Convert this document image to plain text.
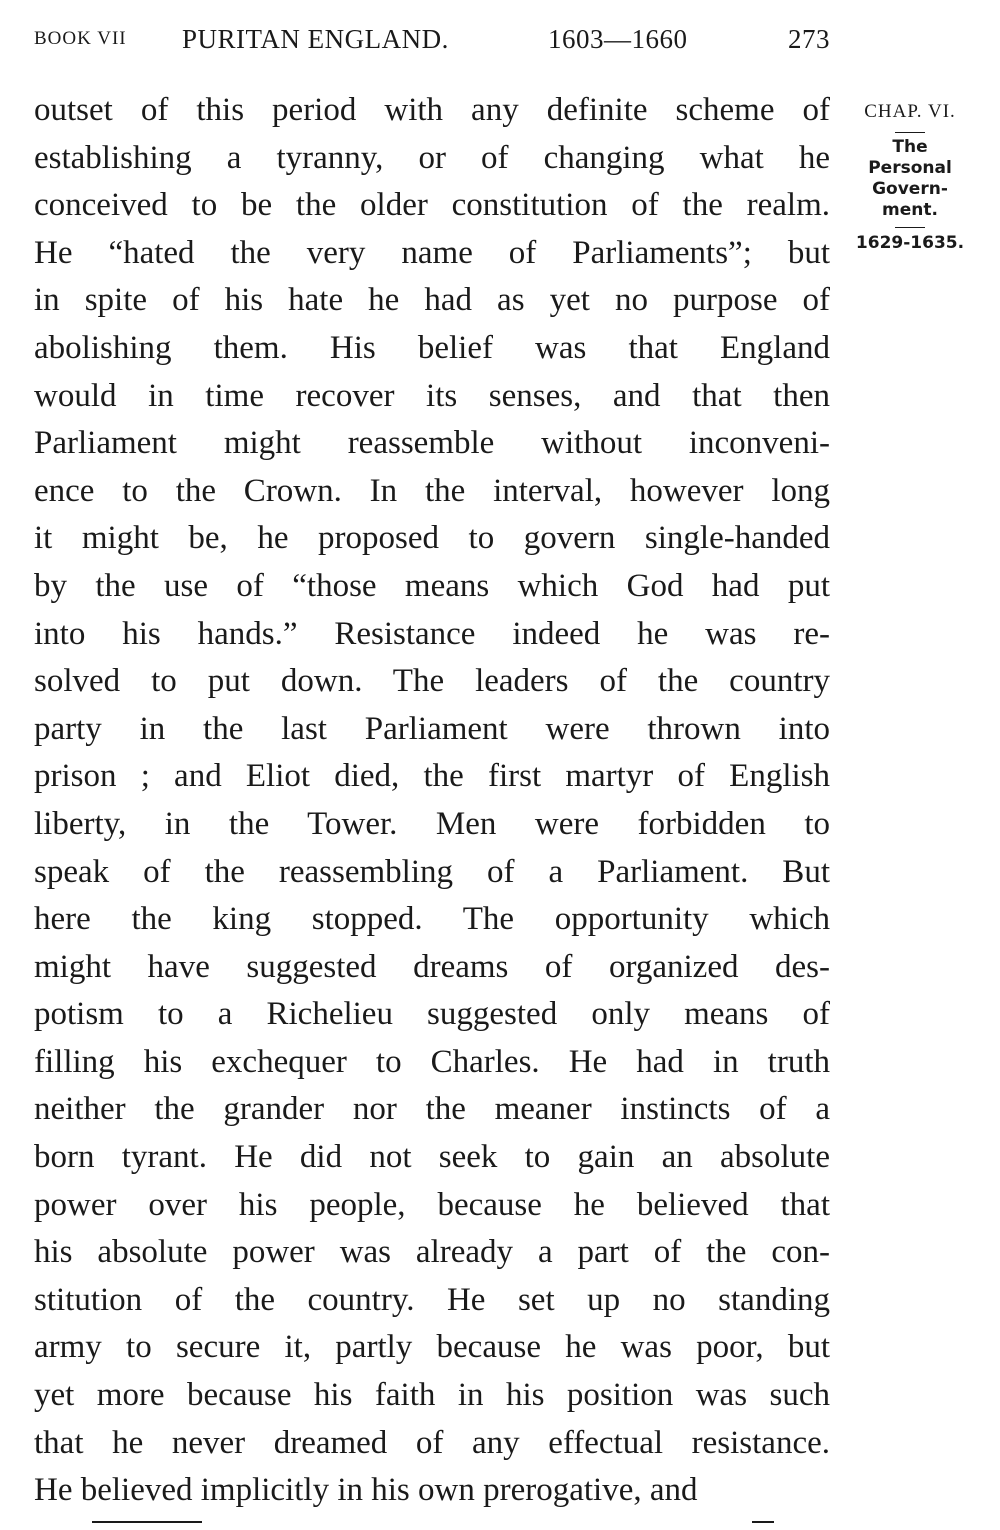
BOOK VII PURITAN ENGLAND.	1603—1660	273
outset of this period with any definite scheme of
establishing a tyranny, or of changing what he
conceived to be the older constitution of the realm.
He “hated the very name of Parliaments”; but
in spite of his hate he had as yet no purpose of
abolishing them. His belief was that England
would in time recover its senses, and that then
Parliament might reassemble without inconveni-
ence to the Crown. In the interval, however long
it might be, he proposed to govern single-handed
by the use of “those means which God had put
into his hands.” Resistance indeed he was re-
solved to put down. The leaders of the country
party in the last Parliament were thrown into
prison ; and Eliot died, the first martyr of English
liberty, in the Tower. Men were forbidden to
speak of the reassembling of a Parliament. But
here the king stopped. The opportunity which
might have suggested dreams of organized des-
potism to a Richelieu suggested only means of
filling his exchequer to Charles. He had in truth
neither the grander nor the meaner instincts of a
born tyrant. He did not seek to gain an absolute
power over his people, because he believed that
his absolute power was already a part of the con-
stitution of the country. He set up no standing
army to secure it, partly because he was poor, but
yet more because his faith in his position was such
that he never dreamed of any effectual resistance.
He believed implicitly in his own prerogative, and
CHAP. VI.
The
Personal
Govern-
ment.
1629-1635.
